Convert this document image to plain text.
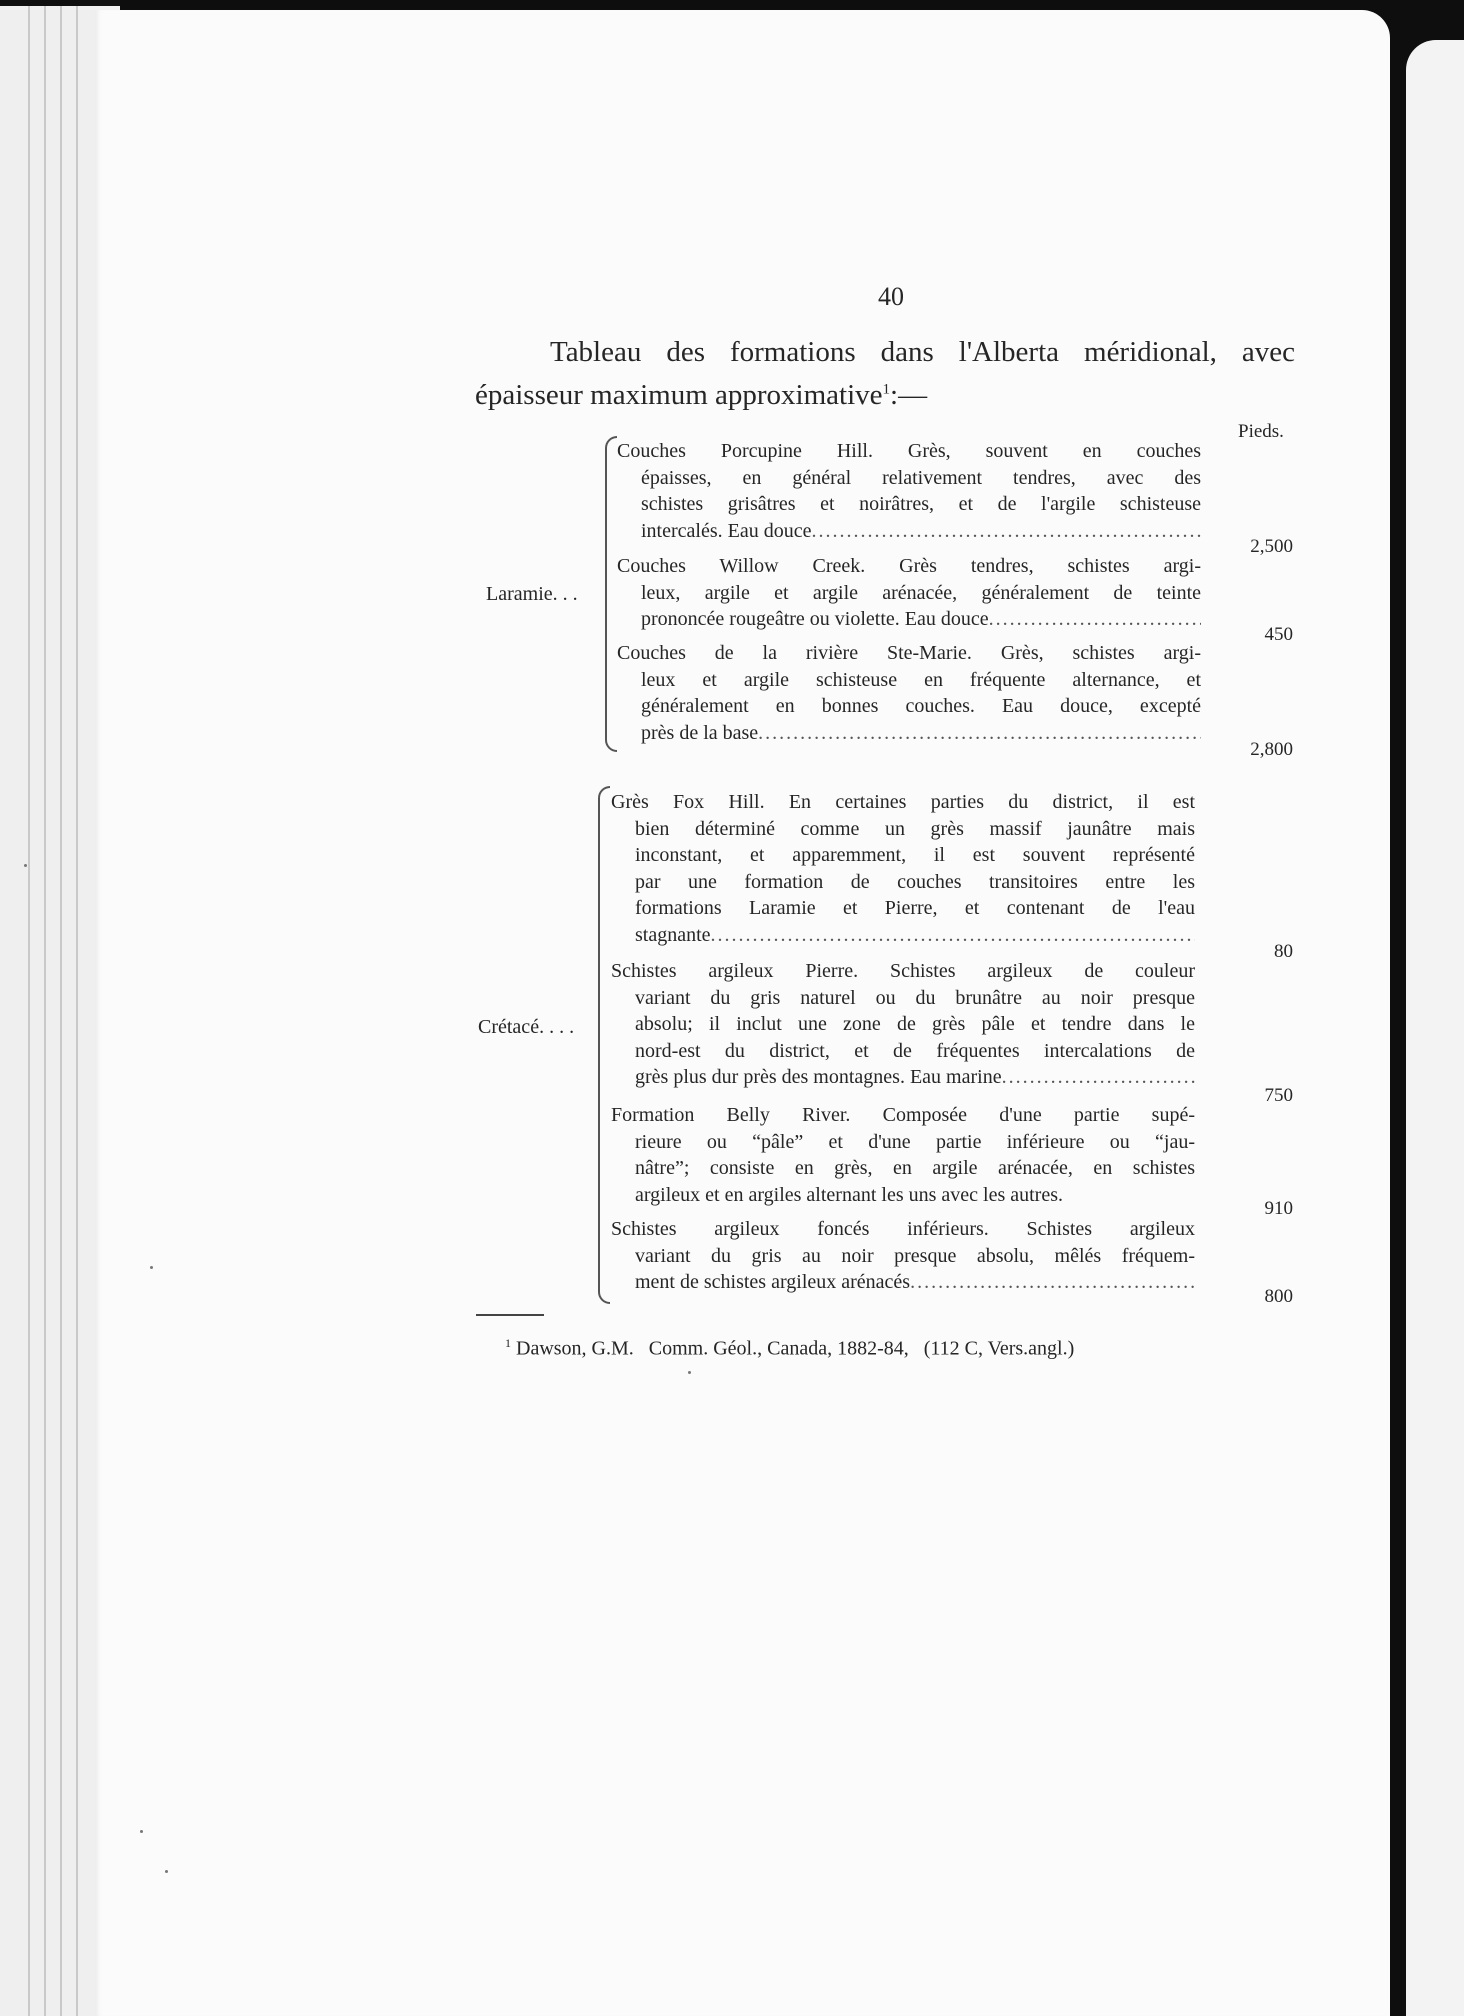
40
Tableau des formations dans l'Alberta méridional, avec
épaisseur maximum approximative$^1$:—
Pieds.
Laramie. . .
Couches Porcupine Hill. Grès, souvent en couches
épaisses, en général relativement tendres, avec des
schistes grisâtres et noirâtres, et de l'argile schisteuse
intercalés. Eau douce
.....
2,500
Couches Willow Creek. Grès tendres, schistes argi-
leux, argile et argile arénacée, généralement de teinte
prononcée rougeâtre ou violette. Eau douce
.....
450
Couches de la rivière Ste-Marie. Grès, schistes argi-
leux et argile schisteuse en fréquente alternance, et
généralement en bonnes couches. Eau douce, excepté
près de la base
.....
2,800
Crétacé. . . .
Grès Fox Hill. En certaines parties du district, il est
bien déterminé comme un grès massif jaunâtre mais
inconstant, et apparemment, il est souvent représenté
par une formation de couches transitoires entre les
formations Laramie et Pierre, et contenant de l'eau
stagnante
.....
80
Schistes argileux Pierre. Schistes argileux de couleur
variant du gris naturel ou du brunâtre au noir presque
absolu; il inclut une zone de grès pâle et tendre dans le
nord-est du district, et de fréquentes intercalations de
grès plus dur près des montagnes. Eau marine
.....
750
Formation Belly River. Composée d'une partie supé-
rieure ou “pâle” et d'une partie inférieure ou “jau-
nâtre”; consiste en grès, en argile arénacée, en schistes
argileux et en argiles alternant les uns avec les autres.
910
Schistes argileux foncés inférieurs. Schistes argileux
variant du gris au noir presque absolu, mêlés fréquem-
ment de schistes argileux arénacés
.....
800
$^1$ Dawson, G.M.   Comm. Géol., Canada, 1882-84,   (112 C, Vers.angl.)
